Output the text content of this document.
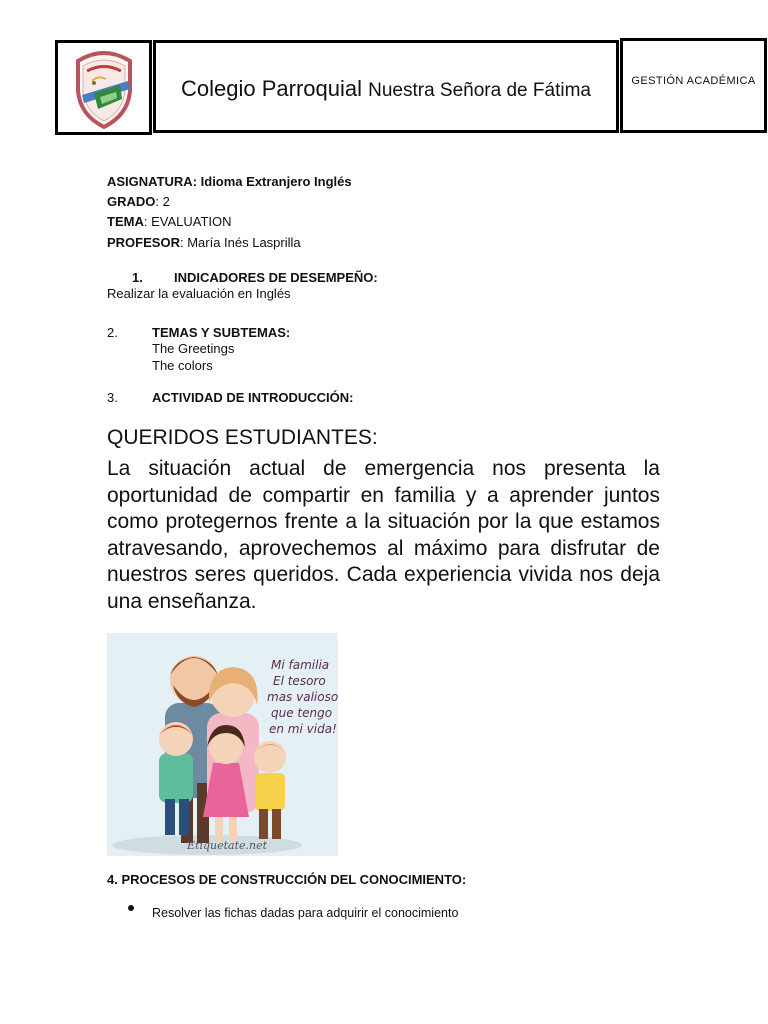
Colegio Parroquial Nuestra Señora de Fátima	GESTIÓN ACADÉMICA
ASIGNATURA: Idioma Extranjero Inglés
GRADO: 2
TEMA: EVALUATION
PROFESOR: María Inés Lasprilla
1. INDICADORES DE DESEMPEÑO:
Realizar la evaluación en Inglés
2.	TEMAS Y SUBTEMAS:
The Greetings
The colors
3.	ACTIVIDAD DE INTRODUCCIÓN:
QUERIDOS ESTUDIANTES:
La situación actual de emergencia nos presenta la oportunidad de compartir en familia y a aprender juntos como protegernos frente a la situación por la que estamos atravesando, aprovechemos al máximo para disfrutar de nuestros seres queridos. Cada experiencia vivida nos deja una enseñanza.
Mi familia
El tesoro
mas valioso
que tengo
en mi vida!
Etiquetate.net
4. PROCESOS DE CONSTRUCCIÓN DEL CONOCIMIENTO:
Resolver las fichas dadas para adquirir el conocimiento
